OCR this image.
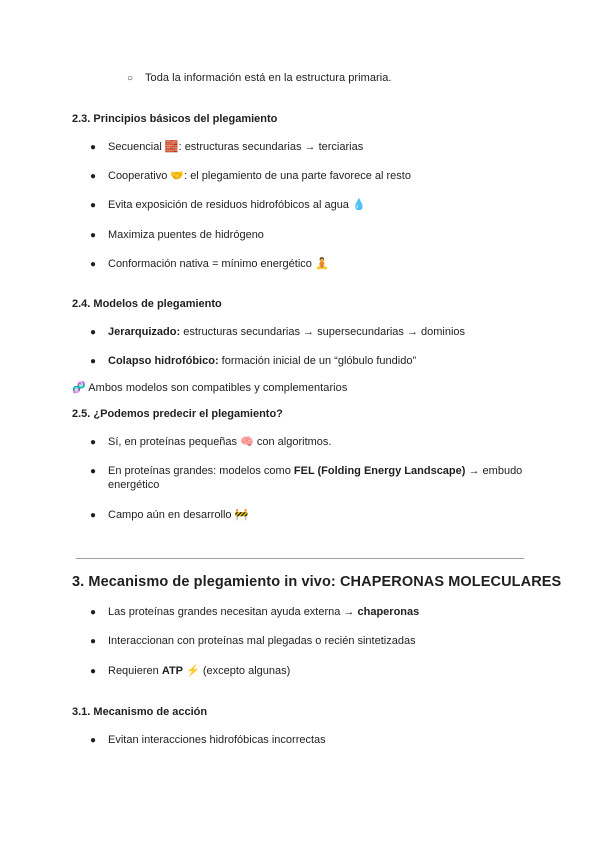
○ Toda la información está en la estructura primaria.
2.3. Principios básicos del plegamiento
● Secuencial 🧱: estructuras secundarias → terciarias
● Cooperativo 🤝: el plegamiento de una parte favorece al resto
● Evita exposición de residuos hidrofóbicos al agua 💧
● Maximiza puentes de hidrógeno
● Conformación nativa = mínimo energético 🧘
2.4. Modelos de plegamiento
● Jerarquizado: estructuras secundarias → supersecundarias → dominios
● Colapso hidrofóbico: formación inicial de un “glóbulo fundido”
🧬 Ambos modelos son compatibles y complementarios
2.5. ¿Podemos predecir el plegamiento?
● Sí, en proteínas pequeñas 🧠 con algoritmos.
● En proteínas grandes: modelos como FEL (Folding Energy Landscape) → embudo
energético
● Campo aún en desarrollo 🚧
3. Mecanismo de plegamiento in vivo: CHAPERONAS MOLECULARES
● Las proteínas grandes necesitan ayuda externa → chaperonas
● Interaccionan con proteínas mal plegadas o recién sintetizadas
● Requieren ATP ⚡ (excepto algunas)
3.1. Mecanismo de acción
● Evitan interacciones hidrofóbicas incorrectas
